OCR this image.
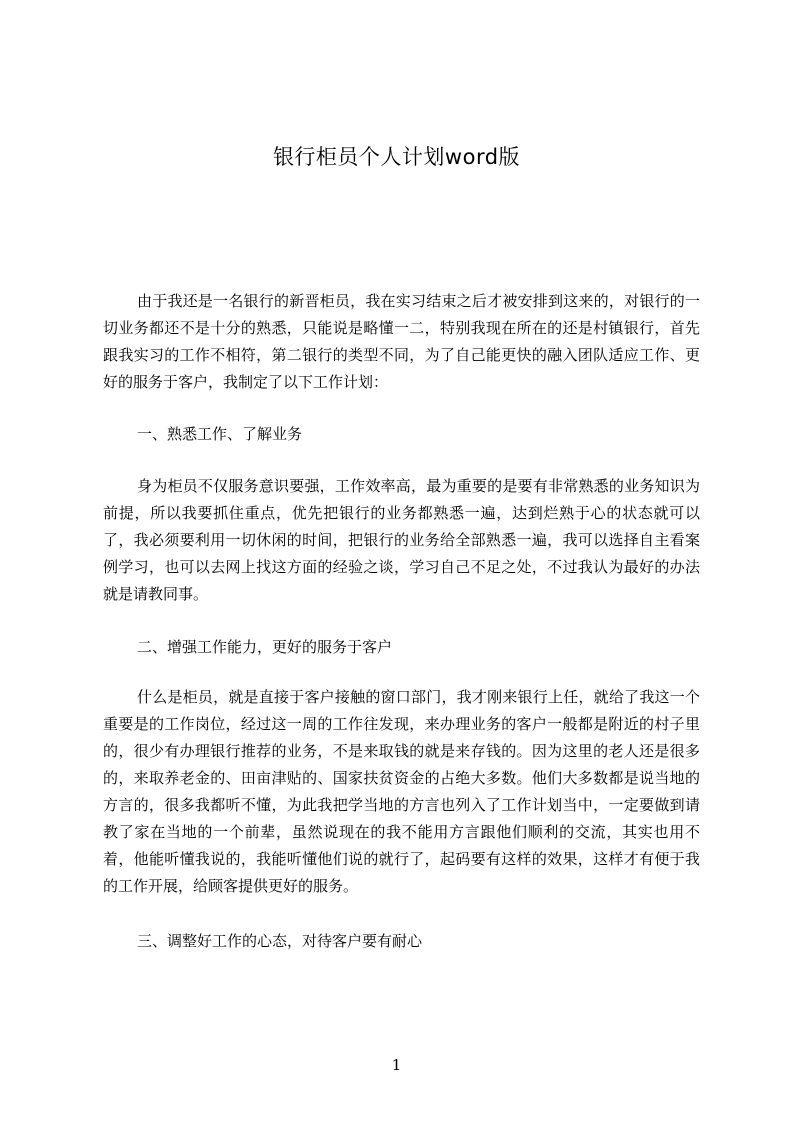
银行柜员个人计划word版

由于我还是一名银行的新晋柜员，我在实习结束之后才被安排到这来的，对银行的一切业务都还不是十分的熟悉，只能说是略懂一二，特别我现在所在的还是村镇银行，首先跟我实习的工作不相符，第二银行的类型不同，为了自己能更快的融入团队适应工作、更好的服务于客户，我制定了以下工作计划：

一、熟悉工作、了解业务

身为柜员不仅服务意识要强，工作效率高，最为重要的是要有非常熟悉的业务知识为前提，所以我要抓住重点，优先把银行的业务都熟悉一遍，达到烂熟于心的状态就可以了，我必须要利用一切休闲的时间，把银行的业务给全部熟悉一遍，我可以选择自主看案例学习，也可以去网上找这方面的经验之谈，学习自己不足之处，不过我认为最好的办法就是请教同事。

二、增强工作能力，更好的服务于客户

什么是柜员，就是直接于客户接触的窗口部门，我才刚来银行上任，就给了我这一个重要是的工作岗位，经过这一周的工作往发现，来办理业务的客户一般都是附近的村子里的，很少有办理银行推荐的业务，不是来取钱的就是来存钱的。因为这里的老人还是很多的，来取养老金的、田亩津贴的、国家扶贫资金的占绝大多数。他们大多数都是说当地的方言的，很多我都听不懂，为此我把学当地的方言也列入了工作计划当中，一定要做到请教了家在当地的一个前辈，虽然说现在的我不能用方言跟他们顺利的交流，其实也用不着，他能听懂我说的，我能听懂他们说的就行了，起码要有这样的效果，这样才有便于我的工作开展，给顾客提供更好的服务。

三、调整好工作的心态，对待客户要有耐心

1
